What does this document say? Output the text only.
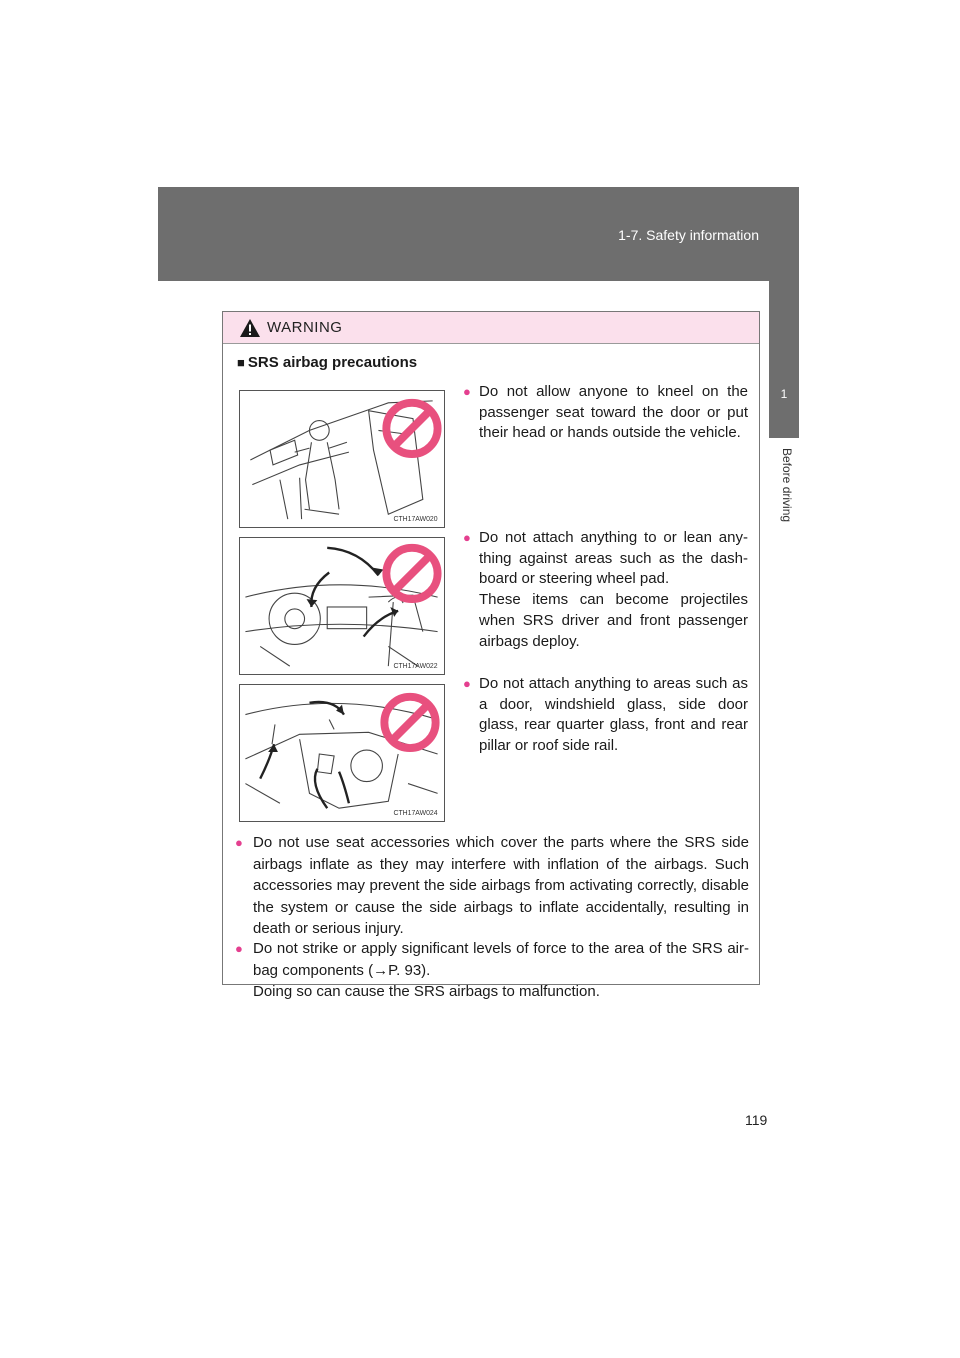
1-7. Safety information
1
Before driving
WARNING
■ SRS airbag precautions
CTH17AW020
CTH17AW022
CTH17AW024
● Do not allow anyone to kneel on the passenger seat toward the door or put their head or hands outside the vehicle.
● Do not attach anything to or lean any-thing against areas such as the dash-board or steering wheel pad.
These items can become projectiles when SRS driver and front passenger airbags deploy.
● Do not attach anything to areas such as a door, windshield glass, side door glass, rear quarter glass, front and rear pillar or roof side rail.
● Do not use seat accessories which cover the parts where the SRS side airbags inflate as they may interfere with inflation of the airbags. Such accessories may prevent the side airbags from activating correctly, disable the system or cause the side airbags to inflate accidentally, resulting in death or serious injury.
● Do not strike or apply significant levels of force to the area of the SRS air-bag components (→P. 93).
Doing so can cause the SRS airbags to malfunction.
119
